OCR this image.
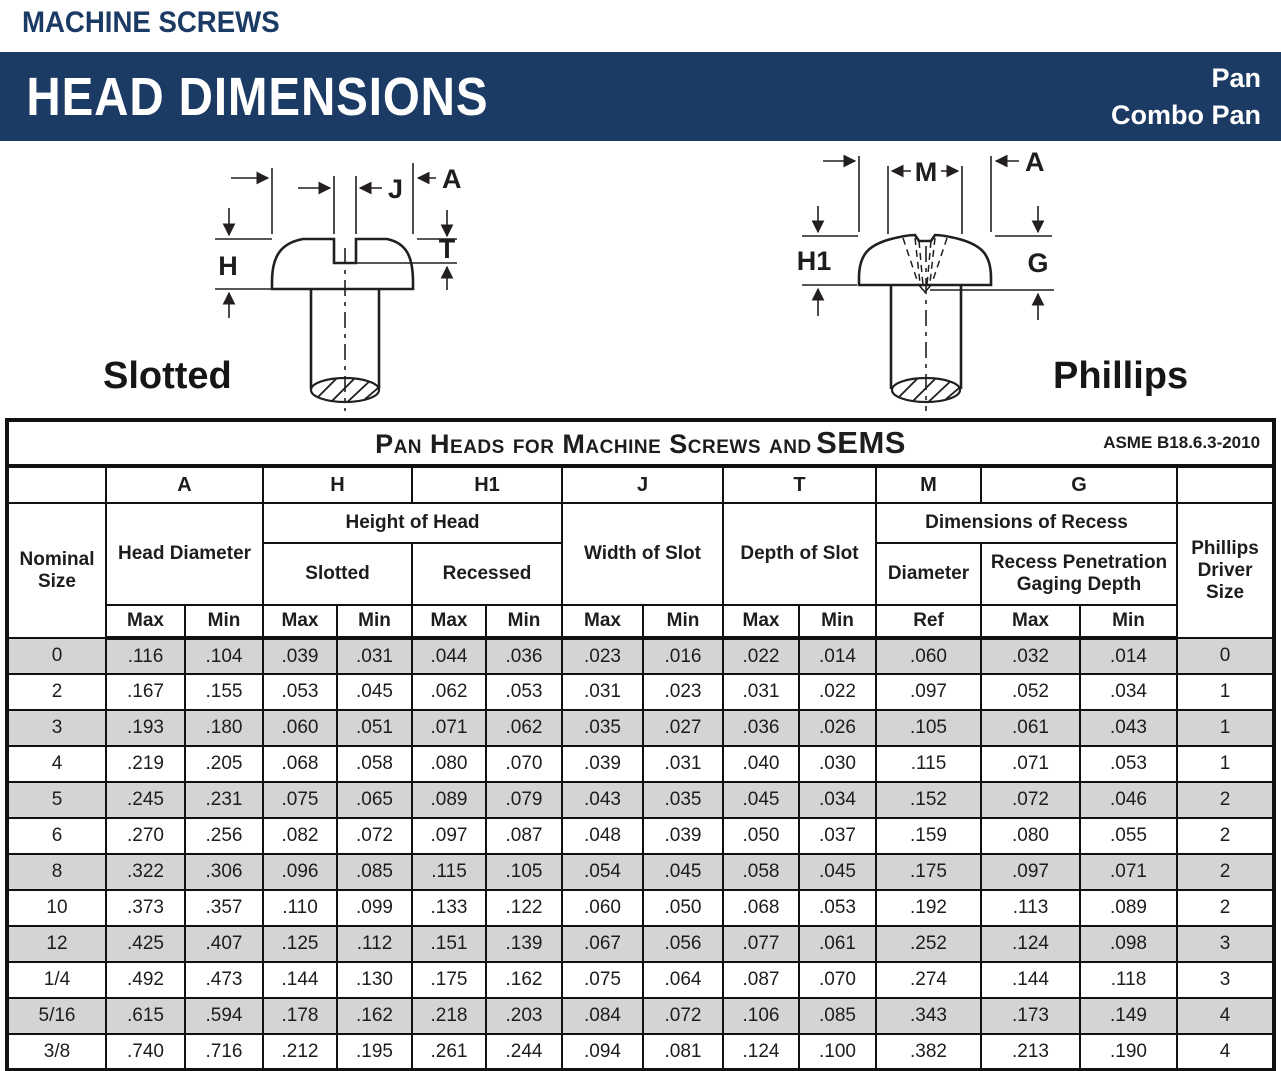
MACHINE SCREWS
HEAD DIMENSIONS	Pan
Combo Pan
A
J
H
T
Slotted
M	A
H1	G
Phillips
Pan Heads for Machine Screws and SEMS ASME B18.6.3-2010														

	A		H		H1		J		T		M	G		
Nominal Size	Head Diameter		Height of Head				Width of Slot		Depth of Slot		Dimensions of Recess			Phillips Driver Size
			Slotted		Recessed						Diameter	Recess Penetration Gaging Depth		
	Max	Min	Max	Min	Max	Min	Max	Min	Max	Min	Ref	Max	Min	
0	.116	.104	.039	.031	.044	.036	.023	.016	.022	.014	.060	.032	.014	0
2	.167	.155	.053	.045	.062	.053	.031	.023	.031	.022	.097	.052	.034	1
3	.193	.180	.060	.051	.071	.062	.035	.027	.036	.026	.105	.061	.043	1
4	.219	.205	.068	.058	.080	.070	.039	.031	.040	.030	.115	.071	.053	1
5	.245	.231	.075	.065	.089	.079	.043	.035	.045	.034	.152	.072	.046	2
6	.270	.256	.082	.072	.097	.087	.048	.039	.050	.037	.159	.080	.055	2
8	.322	.306	.096	.085	.115	.105	.054	.045	.058	.045	.175	.097	.071	2
10	.373	.357	.110	.099	.133	.122	.060	.050	.068	.053	.192	.113	.089	2
12	.425	.407	.125	.112	.151	.139	.067	.056	.077	.061	.252	.124	.098	3
1/4	.492	.473	.144	.130	.175	.162	.075	.064	.087	.070	.274	.144	.118	3
5/16	.615	.594	.178	.162	.218	.203	.084	.072	.106	.085	.343	.173	.149	4
3/8	.740	.716	.212	.195	.261	.244	.094	.081	.124	.100	.382	.213	.190	4
